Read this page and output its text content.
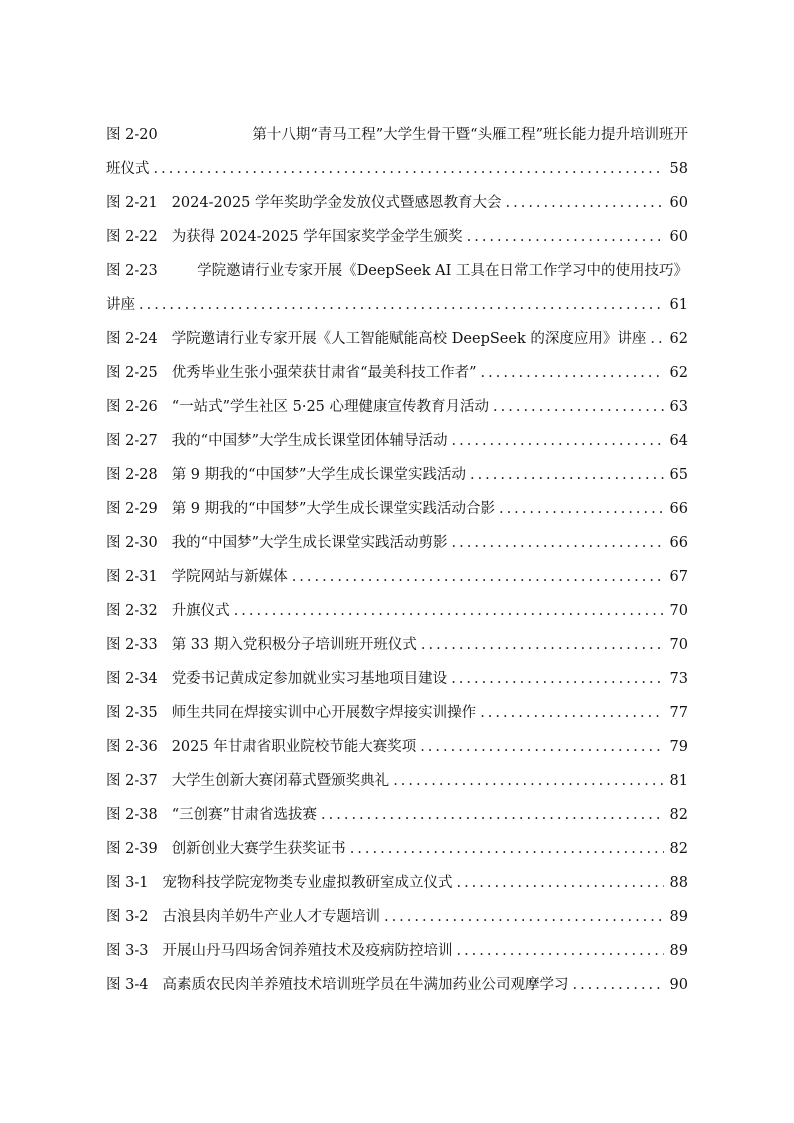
图 2-20	第十八期“青马工程”大学生骨干暨“头雁工程”班长能力提升培训班开
班仪式 .....	58
图 2-21 2024-2025 学年奖助学金发放仪式暨感恩教育大会 .....	60
图 2-22 为获得 2024-2025 学年国家奖学金学生颁奖 .....	60
图 2-23	学院邀请行业专家开展《DeepSeek AI 工具在日常工作学习中的使用技巧》
讲座 .....	61
图 2-24 学院邀请行业专家开展《人工智能赋能高校 DeepSeek 的深度应用》讲座 ..... 62
图 2-25 优秀毕业生张小强荣获甘肃省“最美科技工作者” .....	62
图 2-26 “一站式”学生社区 5·25 心理健康宣传教育月活动 .....	63
图 2-27 我的“中国梦”大学生成长课堂团体辅导活动 .....	64
图 2-28 第 9 期我的“中国梦”大学生成长课堂实践活动 .....	65
图 2-29 第 9 期我的“中国梦”大学生成长课堂实践活动合影 .....	66
图 2-30 我的“中国梦”大学生成长课堂实践活动剪影 .....	66
图 2-31 学院网站与新媒体 .....	67
图 2-32 升旗仪式 .....	70
图 2-33 第 33 期入党积极分子培训班开班仪式 .....	70
图 2-34 党委书记黄成定参加就业实习基地项目建设 .....	73
图 2-35 师生共同在焊接实训中心开展数字焊接实训操作 .....	77
图 2-36 2025 年甘肃省职业院校节能大赛奖项 .....	79
图 2-37 大学生创新大赛闭幕式暨颁奖典礼 .....	81
图 2-38 “三创赛”甘肃省选拔赛 .....	82
图 2-39 创新创业大赛学生获奖证书 .....	82
图 3-1 宠物科技学院宠物类专业虚拟教研室成立仪式 .....	88
图 3-2 古浪县肉羊奶牛产业人才专题培训 .....	89
图 3-3 开展山丹马四场舍饲养殖技术及疫病防控培训 .....	89
图 3-4 高素质农民肉羊养殖技术培训班学员在牛满加药业公司观摩学习 .....	90
